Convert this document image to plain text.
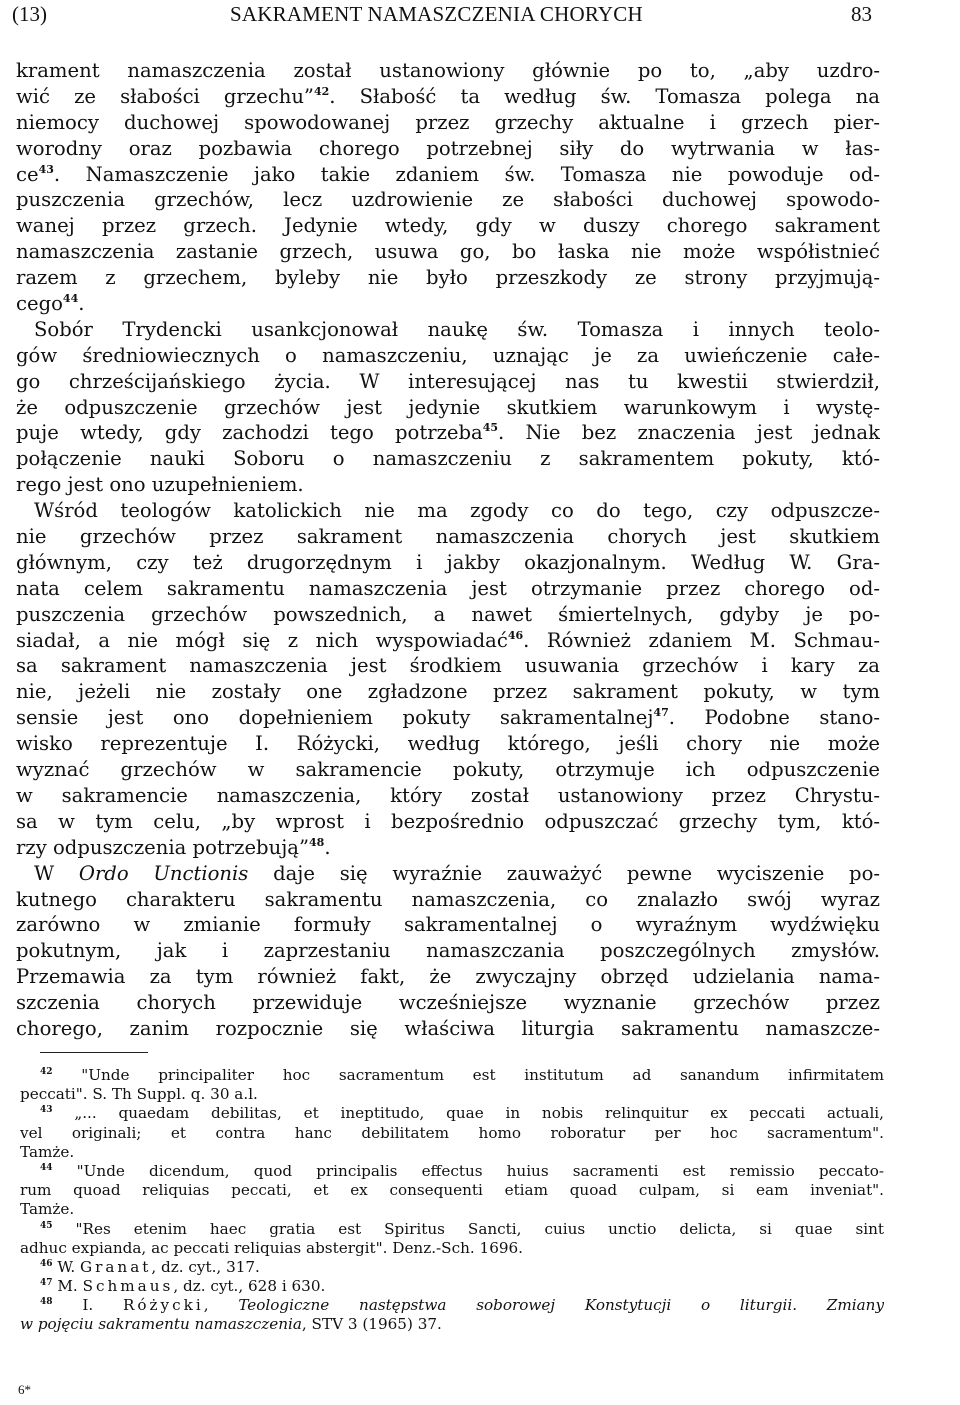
(13)	SAKRAMENT NAMASZCZENIA CHORYCH	83
krament namaszczenia został ustanowiony głównie po to, „aby uzdro-
wić ze słabości grzechu”$^{42}$. Słabość ta według św. Tomasza polega na
niemocy duchowej spowodowanej przez grzechy aktualne i grzech pier-
worodny oraz pozbawia chorego potrzebnej siły do wytrwania w łas-
$ce^{43}$. Namaszczenie jako takie zdaniem św. Tomasza nie powoduje od-
puszczenia grzechów, lecz uzdrowienie ze słabości duchowej spowodo-
wanej przez grzech. Jedynie wtedy, gdy w duszy chorego sakrament
namaszczenia zastanie grzech, usuwa go, bo łaska nie może współistnieć
razem z grzechem, byleby nie było przeszkody ze strony przyjmują-
cego$^{44}$.
Sobór Trydencki usankcjonował naukę św. Tomasza i innych teolo-
gów średniowiecznych o namaszczeniu, uznając je za uwieńczenie całe-
go chrześcijańskiego życia. W interesującej nas tu kwestii stwierdził,
że odpuszczenie grzechów jest jedynie skutkiem warunkowym i wystę-
puje wtedy, gdy zachodzi tego potrzeba$^{45}$. Nie bez znaczenia jest jednak
połączenie nauki Soboru o namaszczeniu z sakramentem pokuty, któ-
rego jest ono uzupełnieniem.
Wśród teologów katolickich nie ma zgody co do tego, czy odpuszcze-
nie grzechów przez sakrament namaszczenia chorych jest skutkiem
głównym, czy też drugorzędnym i jakby okazjonalnym. Według W. Gra-
nata celem sakramentu namaszczenia jest otrzymanie przez chorego od-
puszczenia grzechów powszednich, a nawet śmiertelnych, gdyby je po-
siadał, a nie mógł się z nich wyspowiadać$^{46}$. Również zdaniem M. Schmau-
sa sakrament namaszczenia jest środkiem usuwania grzechów i kary za
nie, jeżeli nie zostały one zgładzone przez sakrament pokuty, w tym
sensie jest ono dopełnieniem pokuty sakramentalnej$^{47}$. Podobne stano-
wisko reprezentuje I. Różycki, według którego, jeśli chory nie może
wyznać grzechów w sakramencie pokuty, otrzymuje ich odpuszczenie
w sakramencie namaszczenia, który został ustanowiony przez Chrystu-
sa w tym celu, „by wprost i bezpośrednio odpuszczać grzechy tym, któ-
rzy odpuszczenia potrzebują”$^{48}$.
W Ordo Unctionis daje się wyraźnie zauważyć pewne wyciszenie po-
kutnego charakteru sakramentu namaszczenia, co znalazło swój wyraz
zarówno w zmianie formuły sakramentalnej o wyraźnym wydźwięku
pokutnym, jak i zaprzestaniu namaszczania poszczególnych zmysłów.
Przemawia za tym również fakt, że zwyczajny obrzęd udzielania nama-
szczenia chorych przewiduje wcześniejsze wyznanie grzechów przez
chorego, zanim rozpocznie się właściwa liturgia sakramentu namaszcze-
$^{42}$ "Unde principaliter hoc sacramentum est institutum ad sanandum infirmitatem
peccati". S. Th Suppl. q. 30 a.l.
$^{43}$ „... quaedam debilitas, et ineptitudo, quae in nobis relinquitur ex peccati actuali,
vel originali; et contra hanc debilitatem homo roboratur per hoc sacramentum".
Tamże.
$^{44}$ "Unde dicendum, quod principalis effectus huius sacramenti est remissio peccato-
rum quoad reliquias peccati, et ex consequenti etiam quoad culpam, si eam inveniat".
Tamże.
$^{45}$ "Res etenim haec gratia est Spiritus Sancti, cuius unctio delicta, si quae sint
adhuc expianda, ac peccati reliquias abstergit". Denz.-Sch. 1696.
$^{46}$ W. Granat, dz. cyt., 317.
$^{47}$ M. Schmaus, dz. cyt., 628 i 630.
$^{48}$ I. Różycki, Teologiczne następstwa soborowej Konstytucji o liturgii. Zmiany
w pojęciu sakramentu namaszczenia, STV 3 (1965) 37.
6*
